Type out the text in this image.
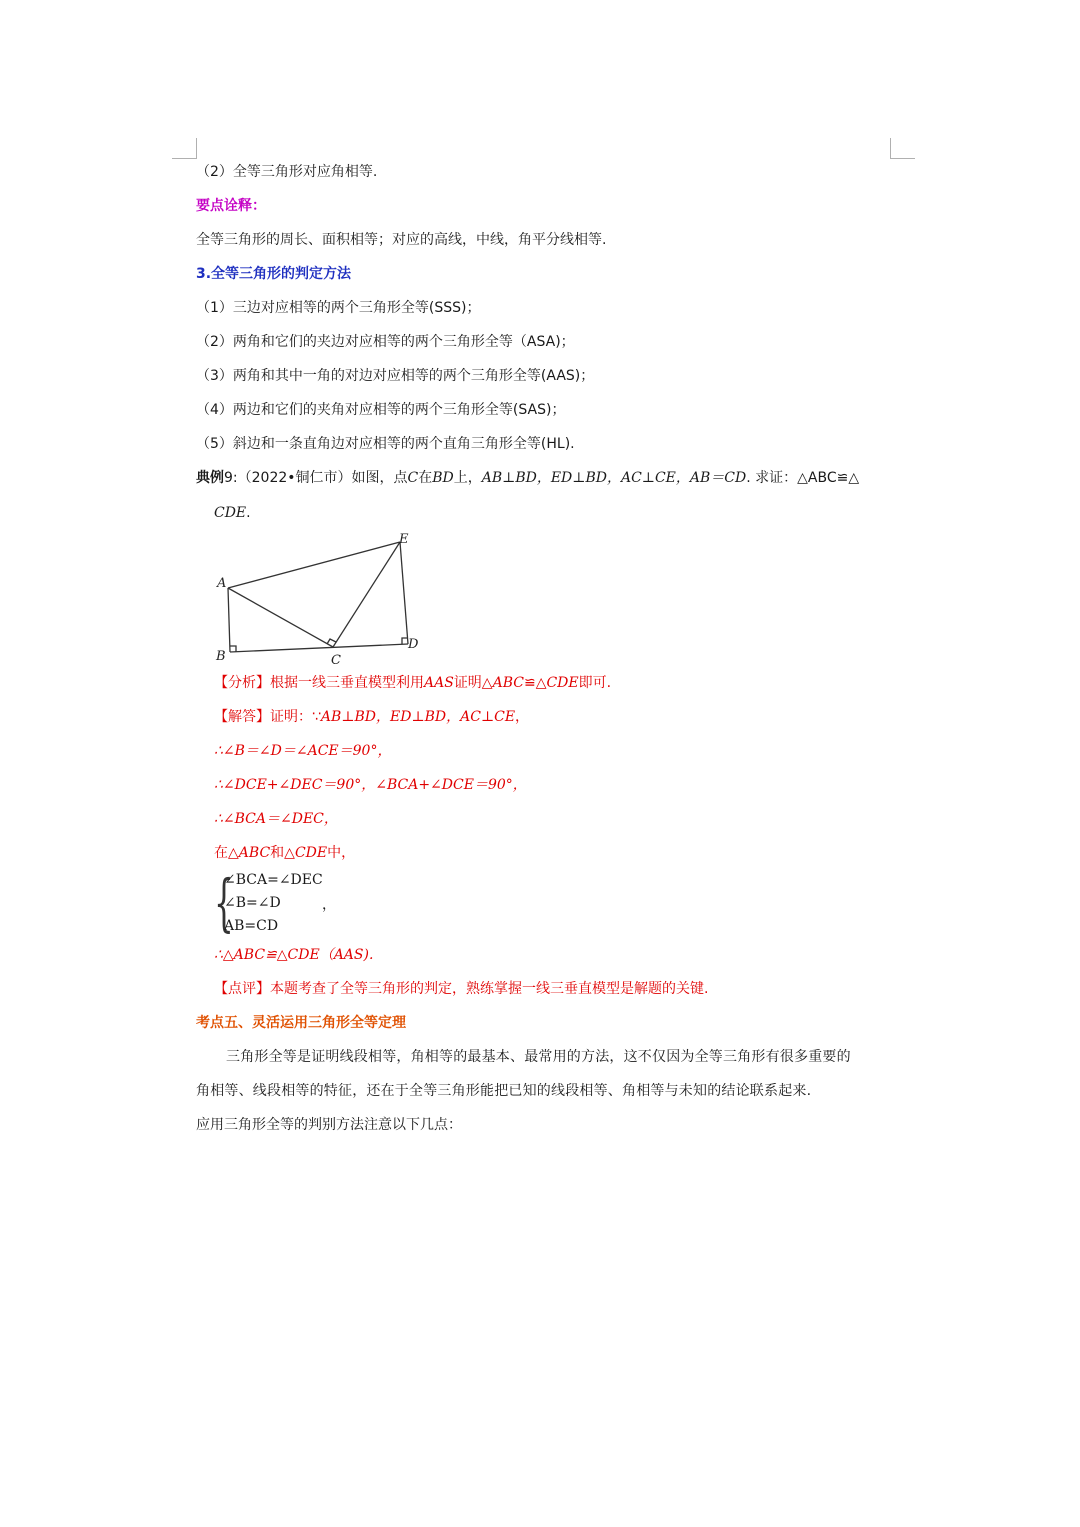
（2）全等三角形对应角相等.
要点诠释：
全等三角形的周长、面积相等；对应的高线，中线，角平分线相等.
3.全等三角形的判定方法
（1）三边对应相等的两个三角形全等(SSS)；
（2）两角和它们的夹边对应相等的两个三角形全等（ASA)；
（3）两角和其中一角的对边对应相等的两个三角形全等(AAS)；
（4）两边和它们的夹角对应相等的两个三角形全等(SAS)；
（5）斜边和一条直角边对应相等的两个直角三角形全等(HL).
典例9:（2022•铜仁市）如图，点C在BD上，AB⊥BD，ED⊥BD，AC⊥CE，AB＝CD. 求证：△ABC≌△
CDE.
A
B	C
D
E
【分析】根据一线三垂直模型利用AAS证明△ABC≌△CDE即可.
【解答】证明：∵AB⊥BD，ED⊥BD，AC⊥CE，
∴∠B＝∠D＝∠ACE＝90°，
∴∠DCE+∠DEC＝90°，∠BCA+∠DCE＝90°，
∴∠BCA＝∠DEC，
在△ABC和△CDE中，
{
∠BCA=∠DEC
∠B=∠D
AB=CD
，
∴△ABC≌△CDE（AAS).
【点评】本题考查了全等三角形的判定，熟练掌握一线三垂直模型是解题的关键.
考点五、灵活运用三角形全等定理
三角形全等是证明线段相等，角相等的最基本、最常用的方法，这不仅因为全等三角形有很多重要的
角相等、线段相等的特征，还在于全等三角形能把已知的线段相等、角相等与未知的结论联系起来.
应用三角形全等的判别方法注意以下几点：
